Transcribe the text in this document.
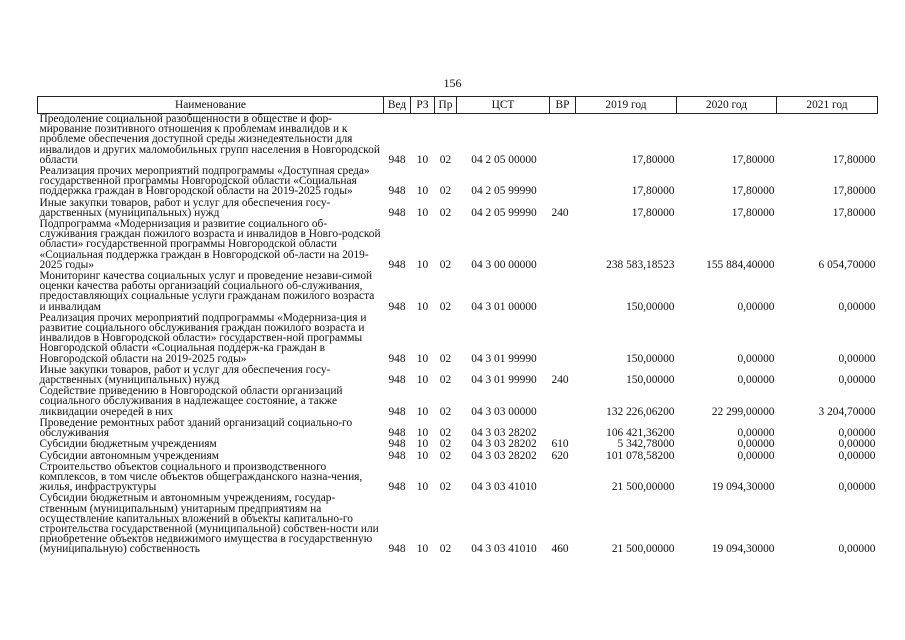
156
Наименование	Вед	РЗ	Пр	ЦСТ	ВР	2019 год	2020 год	2021 год
Преодоление социальной разобщенности в обществе и фор-мирование позитивного отношения к проблемам инвалидов и к проблеме обеспечения доступной среды жизнедеятельности для инвалидов и других маломобильных групп населения в Новгородской области	948	10	02	04 2 05 00000		17,80000	17,80000	17,80000
Реализация прочих мероприятий подпрограммы «Доступная среда» государственной программы Новгородской области «Социальная поддержка граждан в Новгородской области на 2019-2025 годы»	948	10	02	04 2 05 99990		17,80000	17,80000	17,80000
Иные закупки товаров, работ и услуг для обеспечения госу-дарственных (муниципальных) нужд	948	10	02	04 2 05 99990	240	17,80000	17,80000	17,80000
Подпрограмма «Модернизация и развитие социального об-служивания граждан пожилого возраста и инвалидов в Новго-родской области» государственной программы Новгородской области «Социальная поддержка граждан в Новгородской об-ласти на 2019-2025 годы»	948	10	02	04 3 00 00000		238 583,18523	155 884,40000	6 054,70000
Мониторинг качества социальных услуг и проведение незави-симой оценки качества работы организаций социального об-служивания, предоставляющих социальные услуги гражданам пожилого возраста и инвалидам	948	10	02	04 3 01 00000		150,00000	0,00000	0,00000
Реализация прочих мероприятий подпрограммы «Модерниза-ция и развитие социального обслуживания граждан пожилого возраста и инвалидов в Новгородской области» государствен-ной программы Новгородской области «Социальная поддерж-ка граждан в Новгородской области на 2019-2025 годы»	948	10	02	04 3 01 99990		150,00000	0,00000	0,00000
Иные закупки товаров, работ и услуг для обеспечения госу-дарственных (муниципальных) нужд	948	10	02	04 3 01 99990	240	150,00000	0,00000	0,00000
Содействие приведению в Новгородской области организаций социального обслуживания в надлежащее состояние, а также ликвидации очередей в них	948	10	02	04 3 03 00000		132 226,06200	22 299,00000	3 204,70000
Проведение ремонтных работ зданий организаций социально-го обслуживания	948	10	02	04 3 03 28202		106 421,36200	0,00000	0,00000
Субсидии бюджетным учреждениям	948	10	02	04 3 03 28202	610	5 342,78000	0,00000	0,00000
Субсидии автономным учреждениям	948	10	02	04 3 03 28202	620	101 078,58200	0,00000	0,00000
Строительство объектов социального и производственного комплексов, в том числе объектов общегражданского назна-чения, жилья, инфраструктуры	948	10	02	04 3 03 41010		21 500,00000	19 094,30000	0,00000
Субсидии бюджетным и автономным учреждениям, государ-ственным (муниципальным) унитарным предприятиям на осуществление капитальных вложений в объекты капитально-го строительства государственной (муниципальной) собствен-ности или приобретение объектов недвижимого имущества в государственную (муниципальную) собственность	948	10	02	04 3 03 41010	460	21 500,00000	19 094,30000	0,00000
